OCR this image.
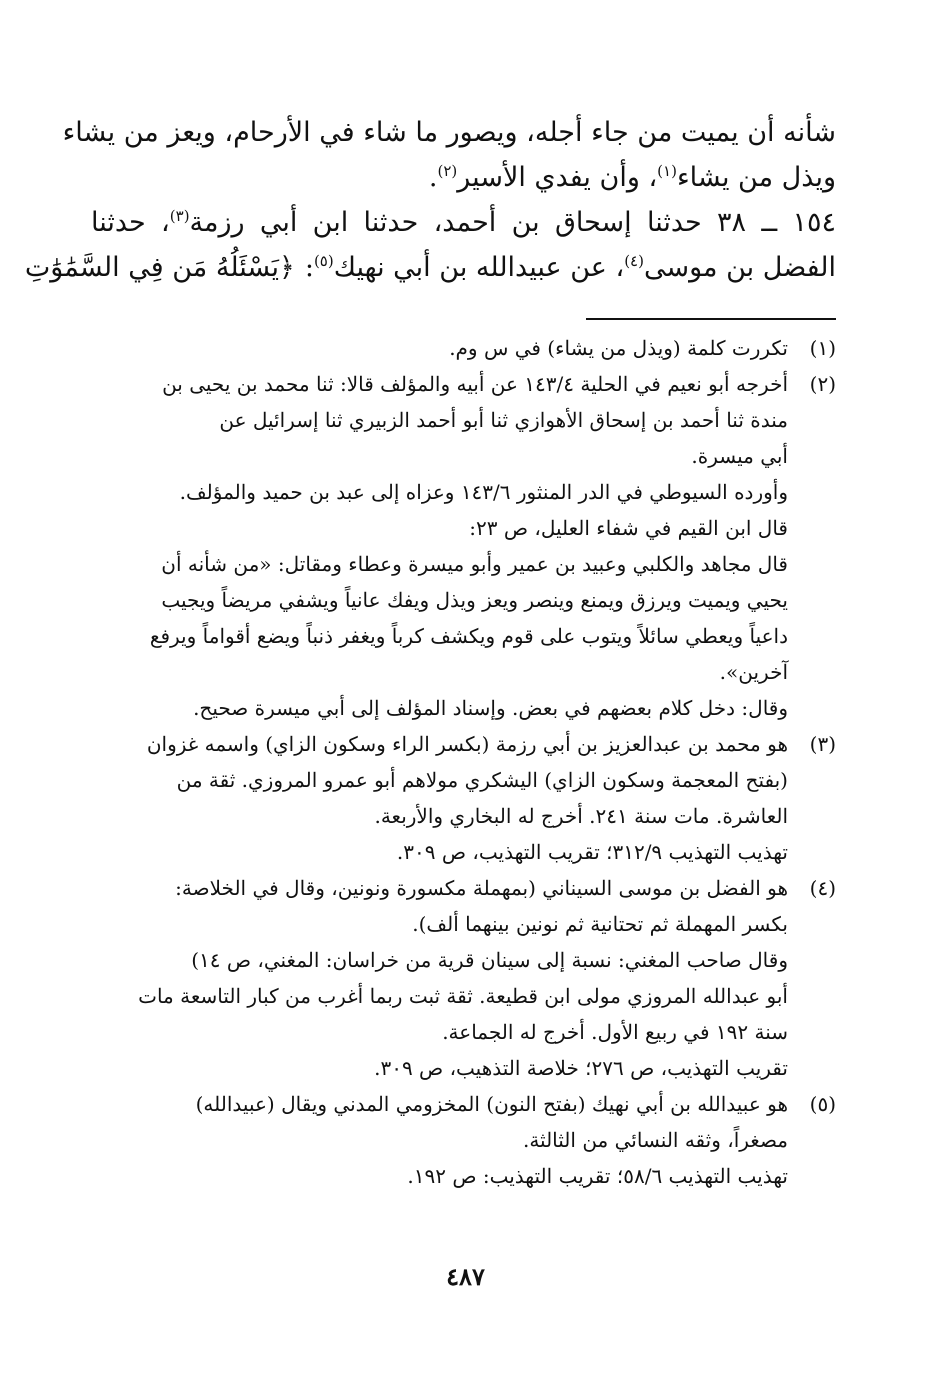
شأنه أن يميت من جاء أجله، ويصور ما شاء في الأرحام، ويعز من يشاء
ويذل من يشاء$^{(١)}$، وأن يفدي الأسير$^{(٢)}$.
١٥٤ ــ ٣٨ حدثنا إسحاق بن أحمد، حدثنا ابن أبي رزمة$^{(٣)}$، حدثنا
الفضل بن موسى$^{(٤)}$، عن عبيدالله بن أبي نهيك$^{(٥)}$:﴿يَسْئَلُهُ مَن فِي السَّمَٰوَٰتِ
(١)
تكررت كلمة (ويذل من يشاء) في س وم.
(٢)
أخرجه أبو نعيم في الحلية ١٤٣/٤ عن أبيه والمؤلف قالا: ثنا محمد بن يحيى بن
مندة ثنا أحمد بن إسحاق الأهوازي ثنا أبو أحمد الزبيري ثنا إسرائيل عن
أبي ميسرة.
وأورده السيوطي في الدر المنثور ١٤٣/٦ وعزاه إلى عبد بن حميد والمؤلف.
قال ابن القيم في شفاء العليل، ص ٢٣:
قال مجاهد والكلبي وعبيد بن عمير وأبو ميسرة وعطاء ومقاتل: «من شأنه أن
يحيي ويميت ويرزق ويمنع وينصر ويعز ويذل ويفك عانياً ويشفي مريضاً ويجيب
داعياً ويعطي سائلاً ويتوب على قوم ويكشف كرباً ويغفر ذنباً ويضع أقواماً ويرفع
آخرين».
وقال: دخل كلام بعضهم في بعض. وإسناد المؤلف إلى أبي ميسرة صحيح.
(٣)
هو محمد بن عبدالعزيز بن أبي رزمة (بكسر الراء وسكون الزاي) واسمه غزوان
(بفتح المعجمة وسكون الزاي) اليشكري مولاهم أبو عمرو المروزي. ثقة من
العاشرة. مات سنة ٢٤١. أخرج له البخاري والأربعة.
تهذيب التهذيب ٣١٢/٩؛ تقريب التهذيب، ص ٣٠٩.
(٤)
هو الفضل بن موسى السيناني (بمهملة مكسورة ونونين، وقال في الخلاصة:
بكسر المهملة ثم تحتانية ثم نونين بينهما ألف).
وقال صاحب المغني: نسبة إلى سينان قرية من خراسان: المغني، ص ١٤)
أبو عبدالله المروزي مولى ابن قطيعة. ثقة ثبت ربما أغرب من كبار التاسعة مات
سنة ١٩٢ في ربيع الأول. أخرج له الجماعة.
تقريب التهذيب، ص ٢٧٦؛ خلاصة التذهيب، ص ٣٠٩.
(٥)
هو عبيدالله بن أبي نهيك (بفتح النون) المخزومي المدني ويقال (عبيدالله)
مصغراً، وثقه النسائي من الثالثة.
تهذيب التهذيب ٥٨/٦؛ تقريب التهذيب: ص ١٩٢.
٤٨٧
